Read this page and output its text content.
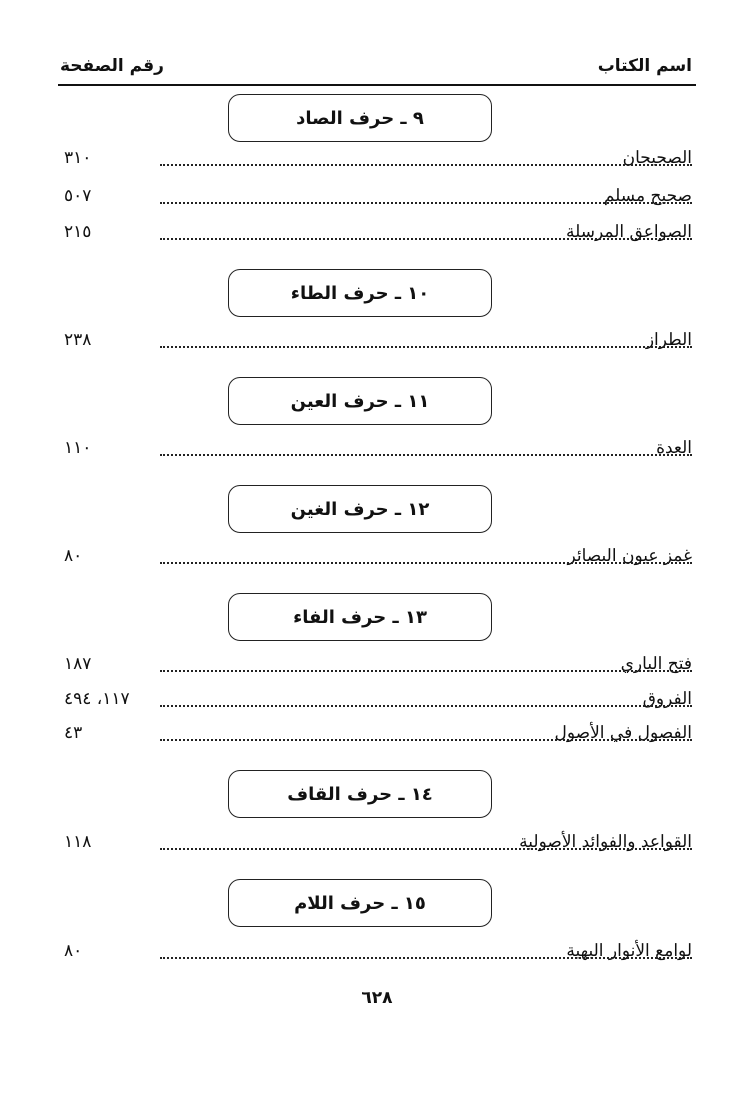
اسم الكتاب
رقم الصفحة
٩ ـ حرف الصاد
الصحيحان
٣١٠
صحيح مسلم
٥٠٧
الصواعق المرسلة
٢١٥
١٠ ـ حرف الطاء
الطراز
٢٣٨
١١ ـ حرف العين
العدة
١١٠
١٢ ـ حرف الغين
غمز عيون البصائر
٨٠
١٣ ـ حرف الفاء
فتح الباري
١٨٧
الفروق
١١٧، ٤٩٤
الفصول في الأصول
٤٣
١٤ ـ حرف القاف
القواعد والفوائد الأصولية
١١٨
١٥ ـ حرف اللام
لوامع الأنوار البهية
٨٠
٦٢٨
